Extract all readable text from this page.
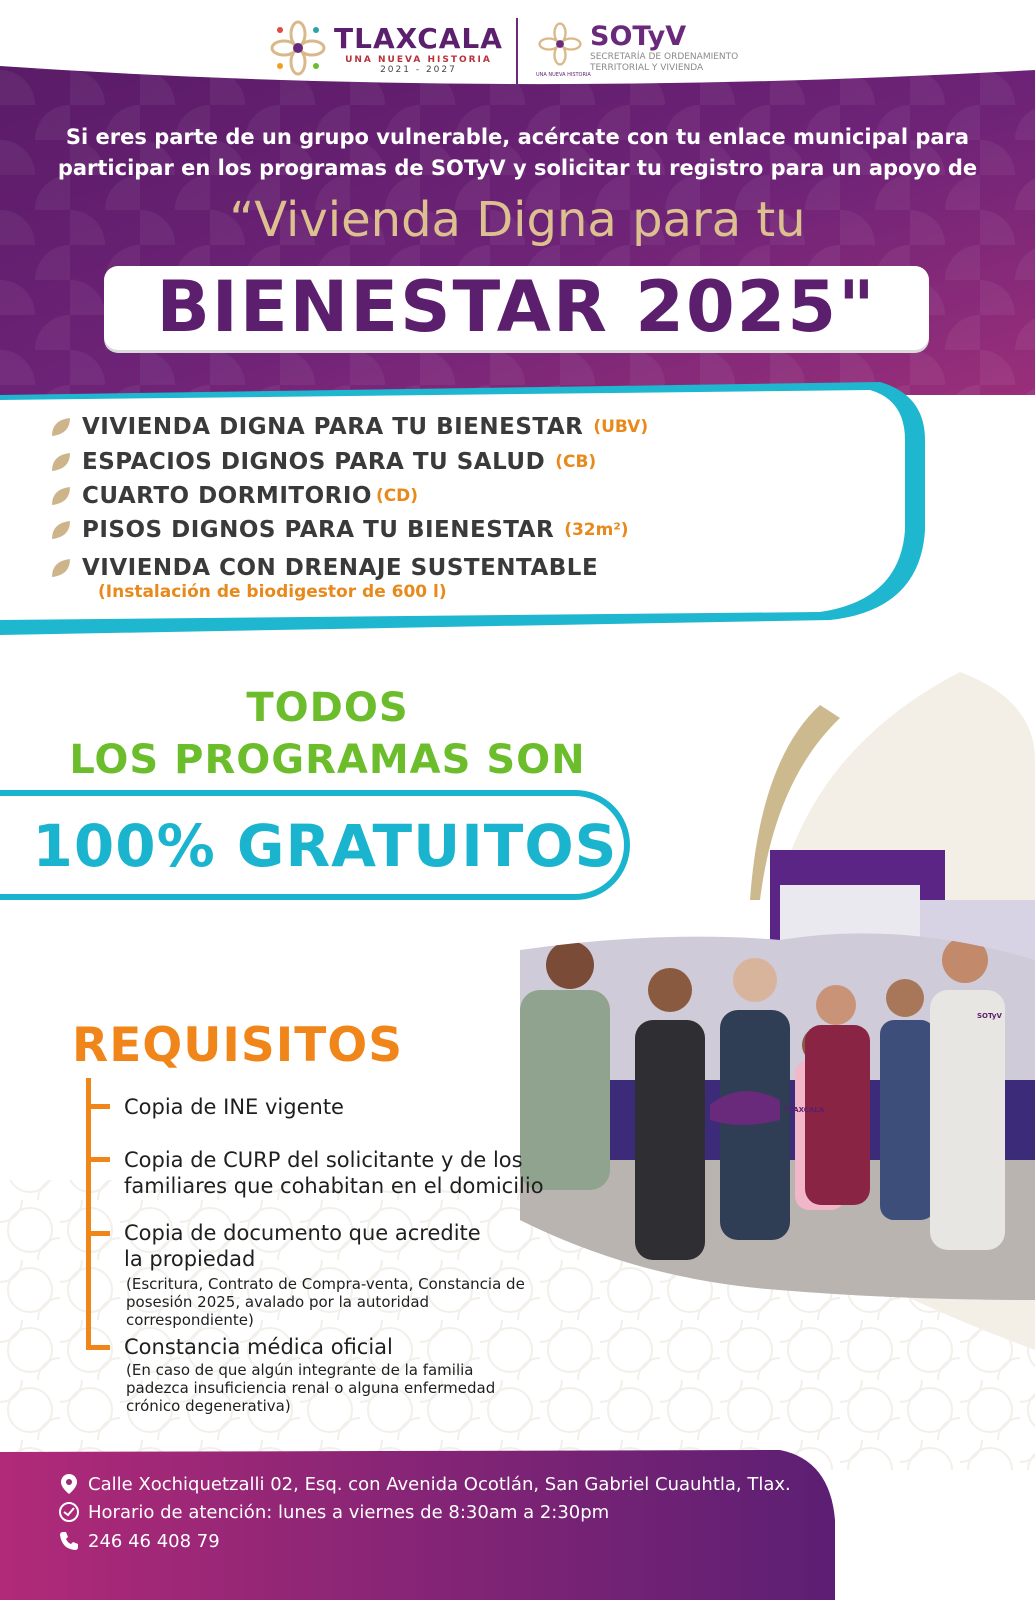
TLAXCALA
UNA NUEVA HISTORIA
2021 - 2027
UNA NUEVA HISTORIA
SOTyV
SECRETARÍA DE ORDENAMIENTO
TERRITORIAL Y VIVIENDA
Si eres parte de un grupo vulnerable, acércate con tu enlace municipal para
participar en los programas de SOTyV y solicitar tu registro para un apoyo de
“Vivienda Digna para tu
BIENESTAR 2025"
VIVIENDA DIGNA PARA TU BIENESTAR (UBV)
ESPACIOS DIGNOS PARA TU SALUD (CB)
CUARTO DORMITORIO (CD)
PISOS DIGNOS PARA TU BIENESTAR (32m²)
VIVIENDA CON DRENAJE SUSTENTABLE
(Instalación de biodigestor de 600 l)
TODOS
LOS PROGRAMAS SON
100% GRATUITOS
TLAXCALA
SOTyV
REQUISITOS
Copia de INE vigente
Copia de CURP del solicitante y de los
familiares que cohabitan en el domicilio
Copia de documento que acredite
la propiedad
(Escritura, Contrato de Compra-venta, Constancia de
posesión 2025, avalado por la autoridad
correspondiente)
Constancia médica oficial
(En caso de que algún integrante de la familia
padezca insuficiencia renal o alguna enfermedad
crónico degenerativa)
Calle Xochiquetzalli 02, Esq. con Avenida Ocotlán, San Gabriel Cuauhtla, Tlax.
Horario de atención: lunes a viernes de 8:30am a 2:30pm
246 46 408 79
